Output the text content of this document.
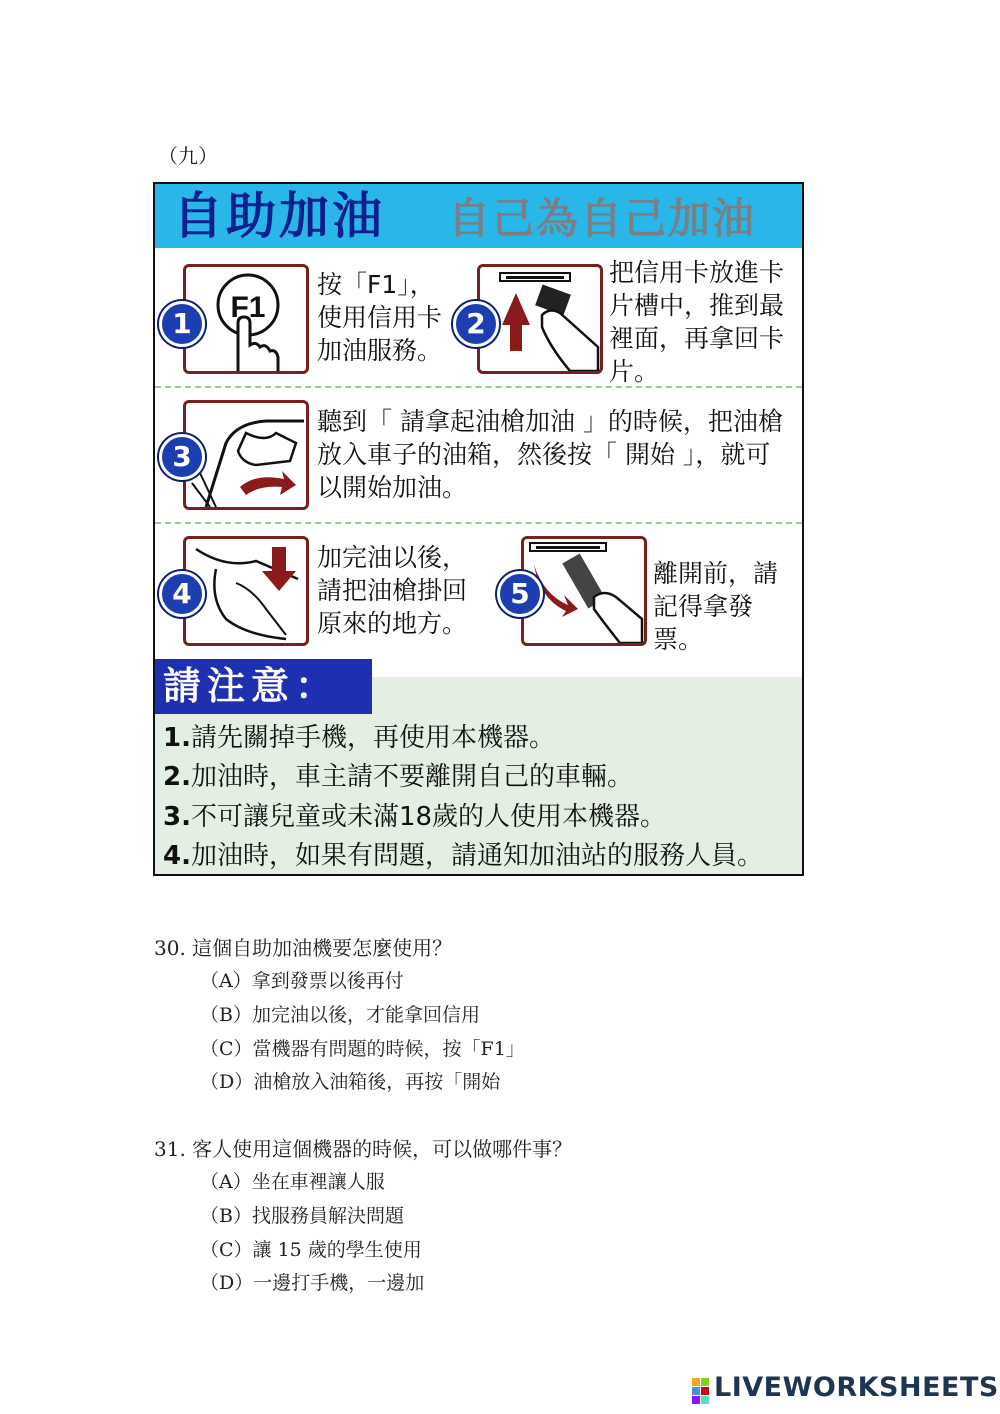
（九）
自助加油 自己為自己加油
F1
1
按「F1」，
使用信用卡
加油服務。
2
把信用卡放進卡
片槽中，推到最
裡面，再拿回卡
片。
3
聽到「 請拿起油槍加油 」的時候，把油槍
放入車子的油箱，然後按「 開始 」，就可
以開始加油。
4
加完油以後，
請把油槍掛回
原來的地方。
5
離開前，請
記得拿發票。
請注意：
1.請先關掉手機，再使用本機器。
2.加油時，車主請不要離開自己的車輛。
3.不可讓兒童或未滿18歲的人使用本機器。
4.加油時，如果有問題，請通知加油站的服務人員。
30. 這個自助加油機要怎麼使用？
（A）拿到發票以後再付
（B）加完油以後，才能拿回信用
（C）當機器有問題的時候，按「F1」
（D）油槍放入油箱後，再按「開始
31. 客人使用這個機器的時候，可以做哪件事？
（A）坐在車裡讓人服
（B）找服務員解決問題
（C）讓 15 歲的學生使用
（D）一邊打手機，一邊加
LIVEWORKSHEETS
